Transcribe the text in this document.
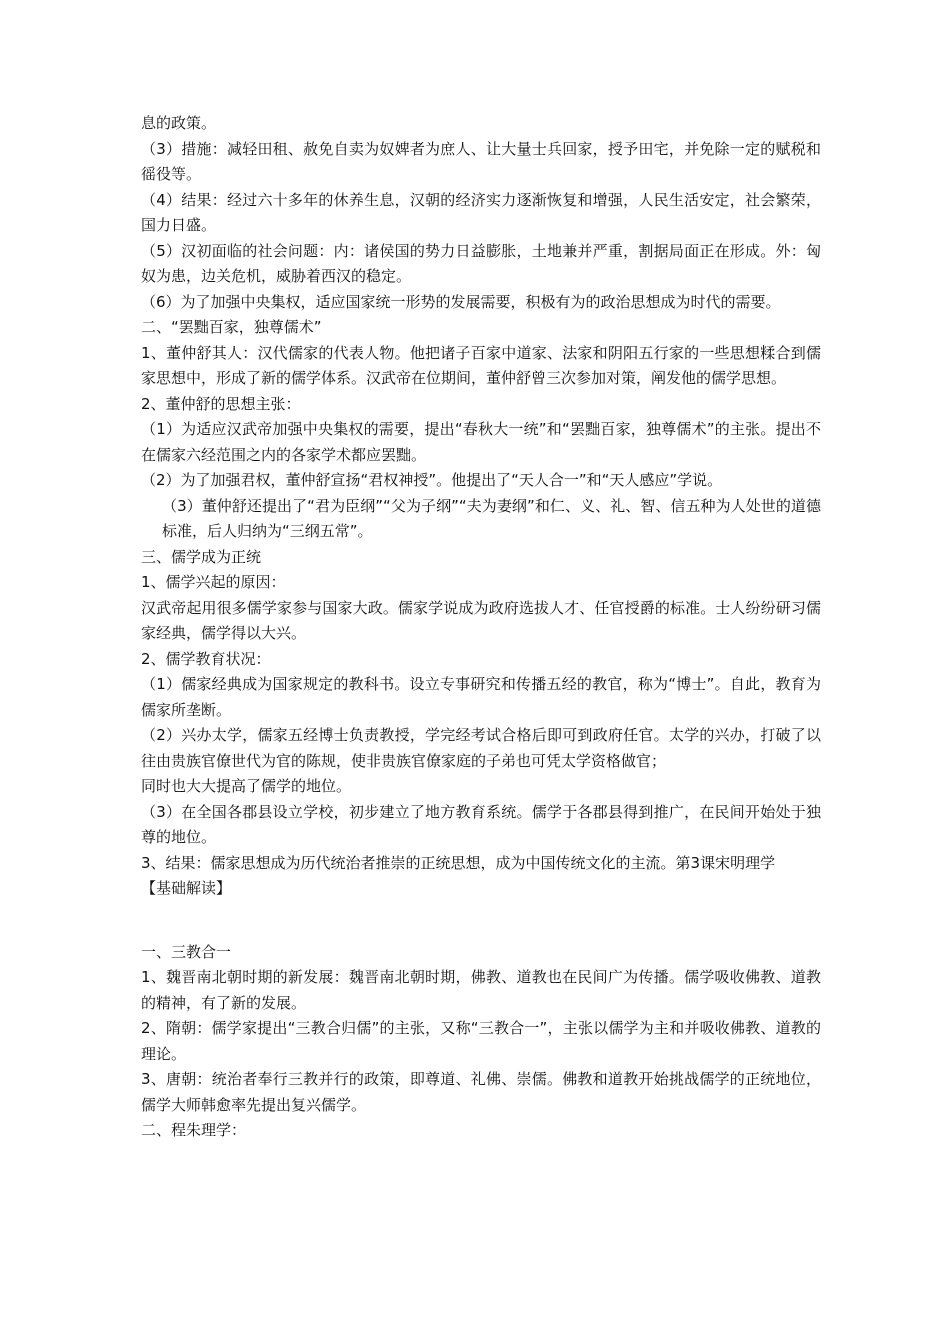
息的政策。

（3）措施：减轻田租、赦免自卖为奴婢者为庶人、让大量士兵回家，授予田宅，并免除一定的赋税和徭役等。

（4）结果：经过六十多年的休养生息，汉朝的经济实力逐渐恢复和增强，人民生活安定，社会繁荣，国力日盛。

（5）汉初面临的社会问题：内：诸侯国的势力日益膨胀，土地兼并严重，割据局面正在形成。外：匈奴为患，边关危机，威胁着西汉的稳定。

（6）为了加强中央集权，适应国家统一形势的发展需要，积极有为的政治思想成为时代的需要。

二、“罢黜百家，独尊儒术”

1、董仲舒其人：汉代儒家的代表人物。他把诸子百家中道家、法家和阴阳五行家的一些思想糅合到儒家思想中，形成了新的儒学体系。汉武帝在位期间，董仲舒曾三次参加对策，阐发他的儒学思想。

2、董仲舒的思想主张：

（1）为适应汉武帝加强中央集权的需要，提出“春秋大一统”和“罢黜百家，独尊儒术”的主张。提出不在儒家六经范围之内的各家学术都应罢黜。

（2）为了加强君权，董仲舒宣扬“君权神授”。他提出了“天人合一”和“天人感应”学说。

（3）董仲舒还提出了“君为臣纲”“父为子纲”“夫为妻纲”和仁、义、礼、智、信五种为人处世的道德标准，后人归纳为“三纲五常”。

三、儒学成为正统

1、儒学兴起的原因：

汉武帝起用很多儒学家参与国家大政。儒家学说成为政府选拔人才、任官授爵的标准。士人纷纷研习儒家经典，儒学得以大兴。

2、儒学教育状况：

（1）儒家经典成为国家规定的教科书。设立专事研究和传播五经的教官，称为“博士”。自此，教育为儒家所垄断。

（2）兴办太学，儒家五经博士负责教授，学完经考试合格后即可到政府任官。太学的兴办，打破了以往由贵族官僚世代为官的陈规，使非贵族官僚家庭的子弟也可凭太学资格做官；

同时也大大提高了儒学的地位。

（3）在全国各郡县设立学校，初步建立了地方教育系统。儒学于各郡县得到推广，在民间开始处于独尊的地位。

3、结果：儒家思想成为历代统治者推崇的正统思想，成为中国传统文化的主流。第3课宋明理学

【基础解读】

一、三教合一

1、魏晋南北朝时期的新发展：魏晋南北朝时期，佛教、道教也在民间广为传播。儒学吸收佛教、道教的精神，有了新的发展。

2、隋朝：儒学家提出“三教合归儒”的主张，又称“三教合一”，主张以儒学为主和并吸收佛教、道教的理论。

3、唐朝：统治者奉行三教并行的政策，即尊道、礼佛、崇儒。佛教和道教开始挑战儒学的正统地位，儒学大师韩愈率先提出复兴儒学。

二、程朱理学：
